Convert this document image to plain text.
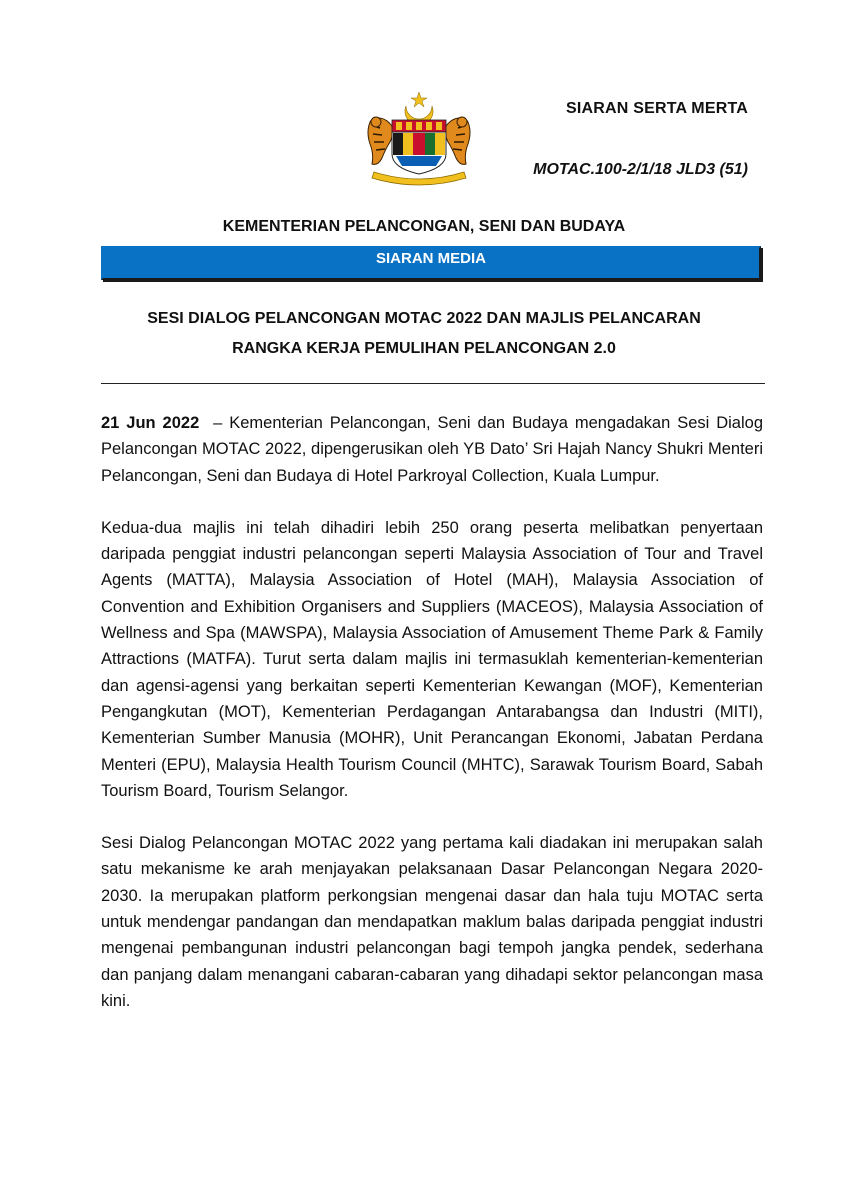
SIARAN SERTA MERTA
MOTAC.100-2/1/18 JLD3 (51)
KEMENTERIAN PELANCONGAN, SENI DAN BUDAYA
SIARAN MEDIA
SESI DIALOG PELANCONGAN MOTAC 2022 DAN MAJLIS PELANCARAN
RANGKA KERJA PEMULIHAN PELANCONGAN 2.0

21 Jun 2022 – Kementerian Pelancongan, Seni dan Budaya mengadakan Sesi Dialog Pelancongan MOTAC 2022, dipengerusikan oleh YB Dato’ Sri Hajah Nancy Shukri Menteri Pelancongan, Seni dan Budaya di Hotel Parkroyal Collection, Kuala Lumpur.

Kedua-dua majlis ini telah dihadiri lebih 250 orang peserta melibatkan penyertaan daripada penggiat industri pelancongan seperti Malaysia Association of Tour and Travel Agents (MATTA), Malaysia Association of Hotel (MAH), Malaysia Association of Convention and Exhibition Organisers and Suppliers (MACEOS), Malaysia Association of Wellness and Spa (MAWSPA), Malaysia Association of Amusement Theme Park & Family Attractions (MATFA). Turut serta dalam majlis ini termasuklah kementerian-kementerian dan agensi-agensi yang berkaitan seperti Kementerian Kewangan (MOF), Kementerian Pengangkutan (MOT), Kementerian Perdagangan Antarabangsa dan Industri (MITI), Kementerian Sumber Manusia (MOHR), Unit Perancangan Ekonomi, Jabatan Perdana Menteri (EPU), Malaysia Health Tourism Council (MHTC), Sarawak Tourism Board, Sabah Tourism Board, Tourism Selangor.

Sesi Dialog Pelancongan MOTAC 2022 yang pertama kali diadakan ini merupakan salah satu mekanisme ke arah menjayakan pelaksanaan Dasar Pelancongan Negara 2020-2030. Ia merupakan platform perkongsian mengenai dasar dan hala tuju MOTAC serta untuk mendengar pandangan dan mendapatkan maklum balas daripada penggiat industri mengenai pembangunan industri pelancongan bagi tempoh jangka pendek, sederhana dan panjang dalam menangani cabaran-cabaran yang dihadapi sektor pelancongan masa kini.
